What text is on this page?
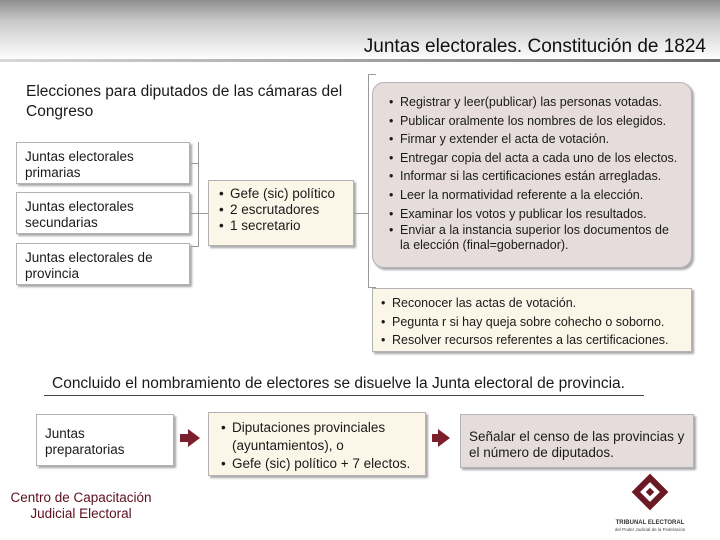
Juntas electorales. Constitución de 1824
Elecciones para diputados de las cámaras del Congreso
Juntas electorales primarias
Juntas electorales secundarias
Juntas electorales de provincia
• Gefe (sic) político
• 2 escrutadores
• 1 secretario
• Registrar y leer(publicar) las personas votadas.
• Publicar oralmente los nombres de los elegidos.
• Firmar y extender el acta de votación.
• Entregar copia del acta a cada uno de los electos.
• Informar si las certificaciones están arregladas.
• Leer la normatividad referente a la elección.
• Examinar los votos y publicar los resultados.
• Enviar a la instancia superior los documentos de la elección (final=gobernador).
• Reconocer las actas de votación.
• Pegunta r si hay queja sobre cohecho o soborno.
• Resolver recursos referentes a las certificaciones.
Concluido el nombramiento de electores se disuelve la Junta electoral de provincia.
Juntas preparatorias
• Diputaciones provinciales (ayuntamientos), o
• Gefe (sic) político + 7 electos.
Señalar el censo de las provincias y el número de diputados.
Centro de Capacitación Judicial Electoral
TRIBUNAL ELECTORAL
del Poder Judicial de la Federación
